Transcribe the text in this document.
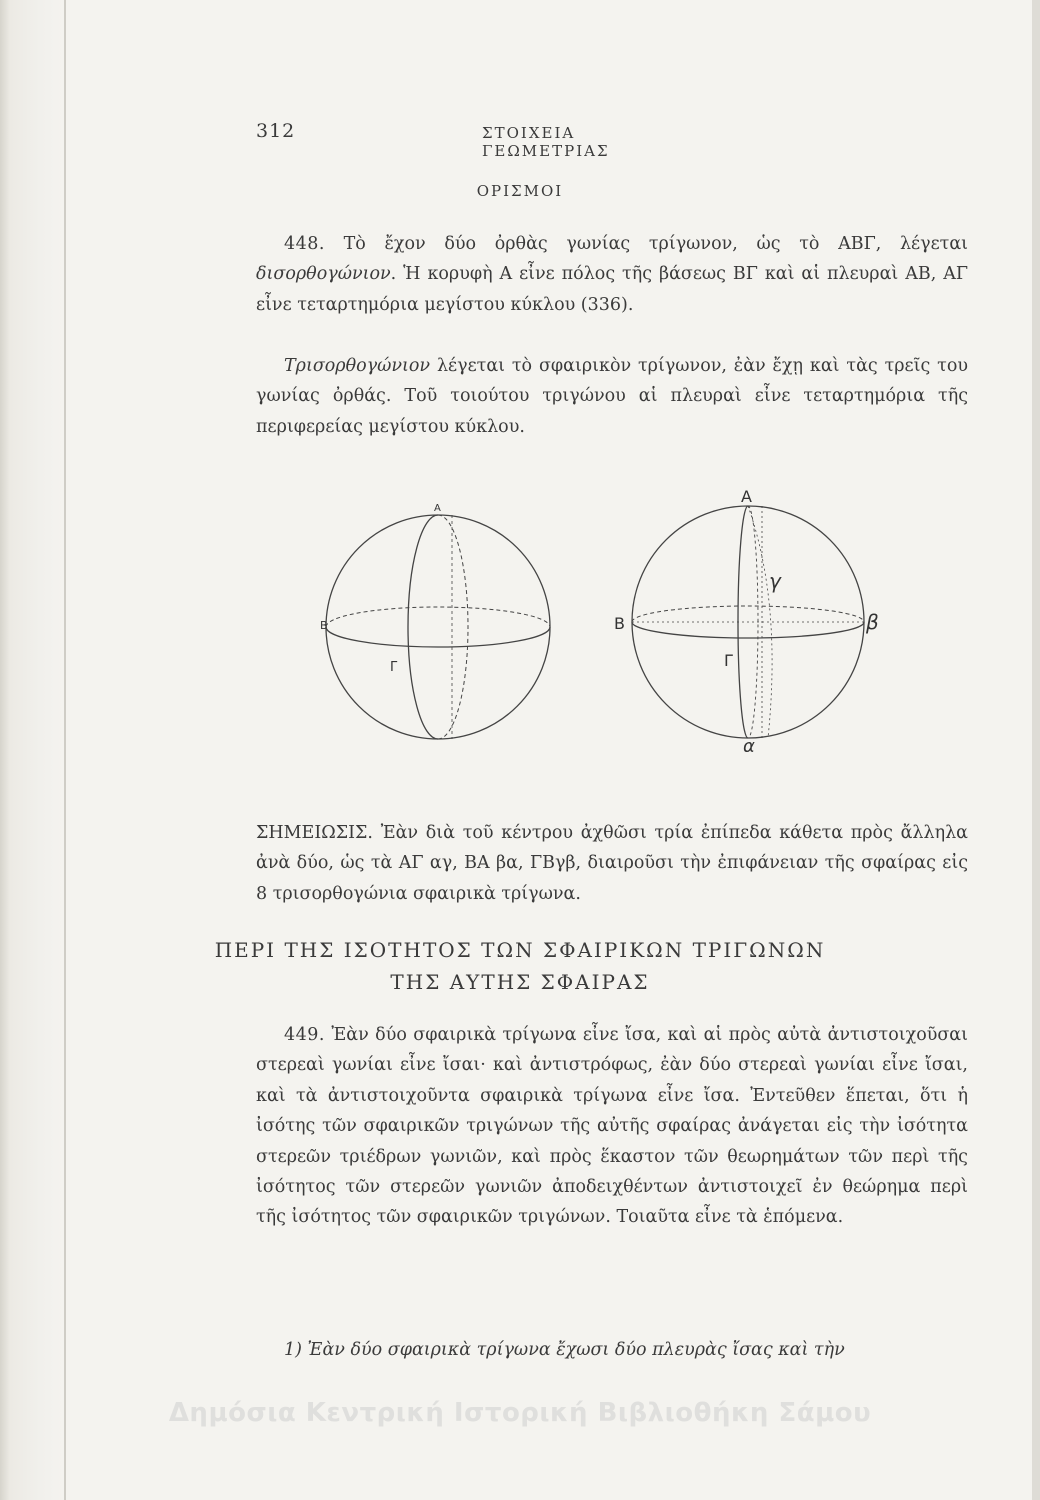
312	ΣΤΟΙΧΕΙΑ ΓΕΩΜΕΤΡΙΑΣ
ΟΡΙΣΜΟΙ
448. Τὸ ἔχον δύο ὀρθὰς γωνίας τρίγωνον, ὡς τὸ ΑΒΓ, λέγεται δισορθογώνιον. Ἡ κορυφὴ Α εἶνε πόλος τῆς βάσεως ΒΓ καὶ αἱ πλευραὶ ΑΒ, ΑΓ εἶνε τεταρτημόρια μεγίστου κύκλου (336).
Τρισορθογώνιον λέγεται τὸ σφαιρικὸν τρίγωνον, ἐὰν ἔχῃ καὶ τὰς τρεῖς του γωνίας ὀρθάς. Τοῦ τοιούτου τριγώνου αἱ πλευραὶ εἶνε τεταρτημόρια τῆς περιφερείας μεγίστου κύκλου.
Α
Β
Γ
Α
Β
Γ
γ
β
α
ΣΗΜΕΙΩΣΙΣ. Ἐὰν διὰ τοῦ κέντρου ἀχθῶσι τρία ἐπίπεδα κάθετα πρὸς ἄλληλα ἀνὰ δύο, ὡς τὰ ΑΓ αγ, ΒΑ βα, ΓΒγβ, διαιροῦσι τὴν ἐπιφάνειαν τῆς σφαίρας εἰς 8 τρισορθογώνια σφαιρικὰ τρίγωνα.
ΠΕΡΙ ΤΗΣ ΙΣΟΤΗΤΟΣ ΤΩΝ ΣΦΑΙΡΙΚΩΝ ΤΡΙΓΩΝΩΝ
ΤΗΣ ΑΥΤΗΣ ΣΦΑΙΡΑΣ
449. Ἐὰν δύο σφαιρικὰ τρίγωνα εἶνε ἴσα, καὶ αἱ πρὸς αὐτὰ ἀντιστοιχοῦσαι στερεαὶ γωνίαι εἶνε ἴσαι· καὶ ἀντιστρόφως, ἐὰν δύο στερεαὶ γωνίαι εἶνε ἴσαι, καὶ τὰ ἀντιστοιχοῦντα σφαιρικὰ τρίγωνα εἶνε ἴσα. Ἐντεῦθεν ἕπεται, ὅτι ἡ ἰσότης τῶν σφαιρικῶν τριγώνων τῆς αὐτῆς σφαίρας ἀνάγεται εἰς τὴν ἰσότητα στερεῶν τριέδρων γωνιῶν, καὶ πρὸς ἕκαστον τῶν θεωρημάτων τῶν περὶ τῆς ἰσότητος τῶν στερεῶν γωνιῶν ἀποδειχθέντων ἀντιστοιχεῖ ἐν θεώρημα περὶ τῆς ἰσότητος τῶν σφαιρικῶν τριγώνων. Τοιαῦτα εἶνε τὰ ἑπόμενα.
1) Ἐὰν δύο σφαιρικὰ τρίγωνα ἔχωσι δύο πλευρὰς ἴσας καὶ τὴν
Δημόσια Κεντρική Ιστορική Βιβλιοθήκη Σάμου
